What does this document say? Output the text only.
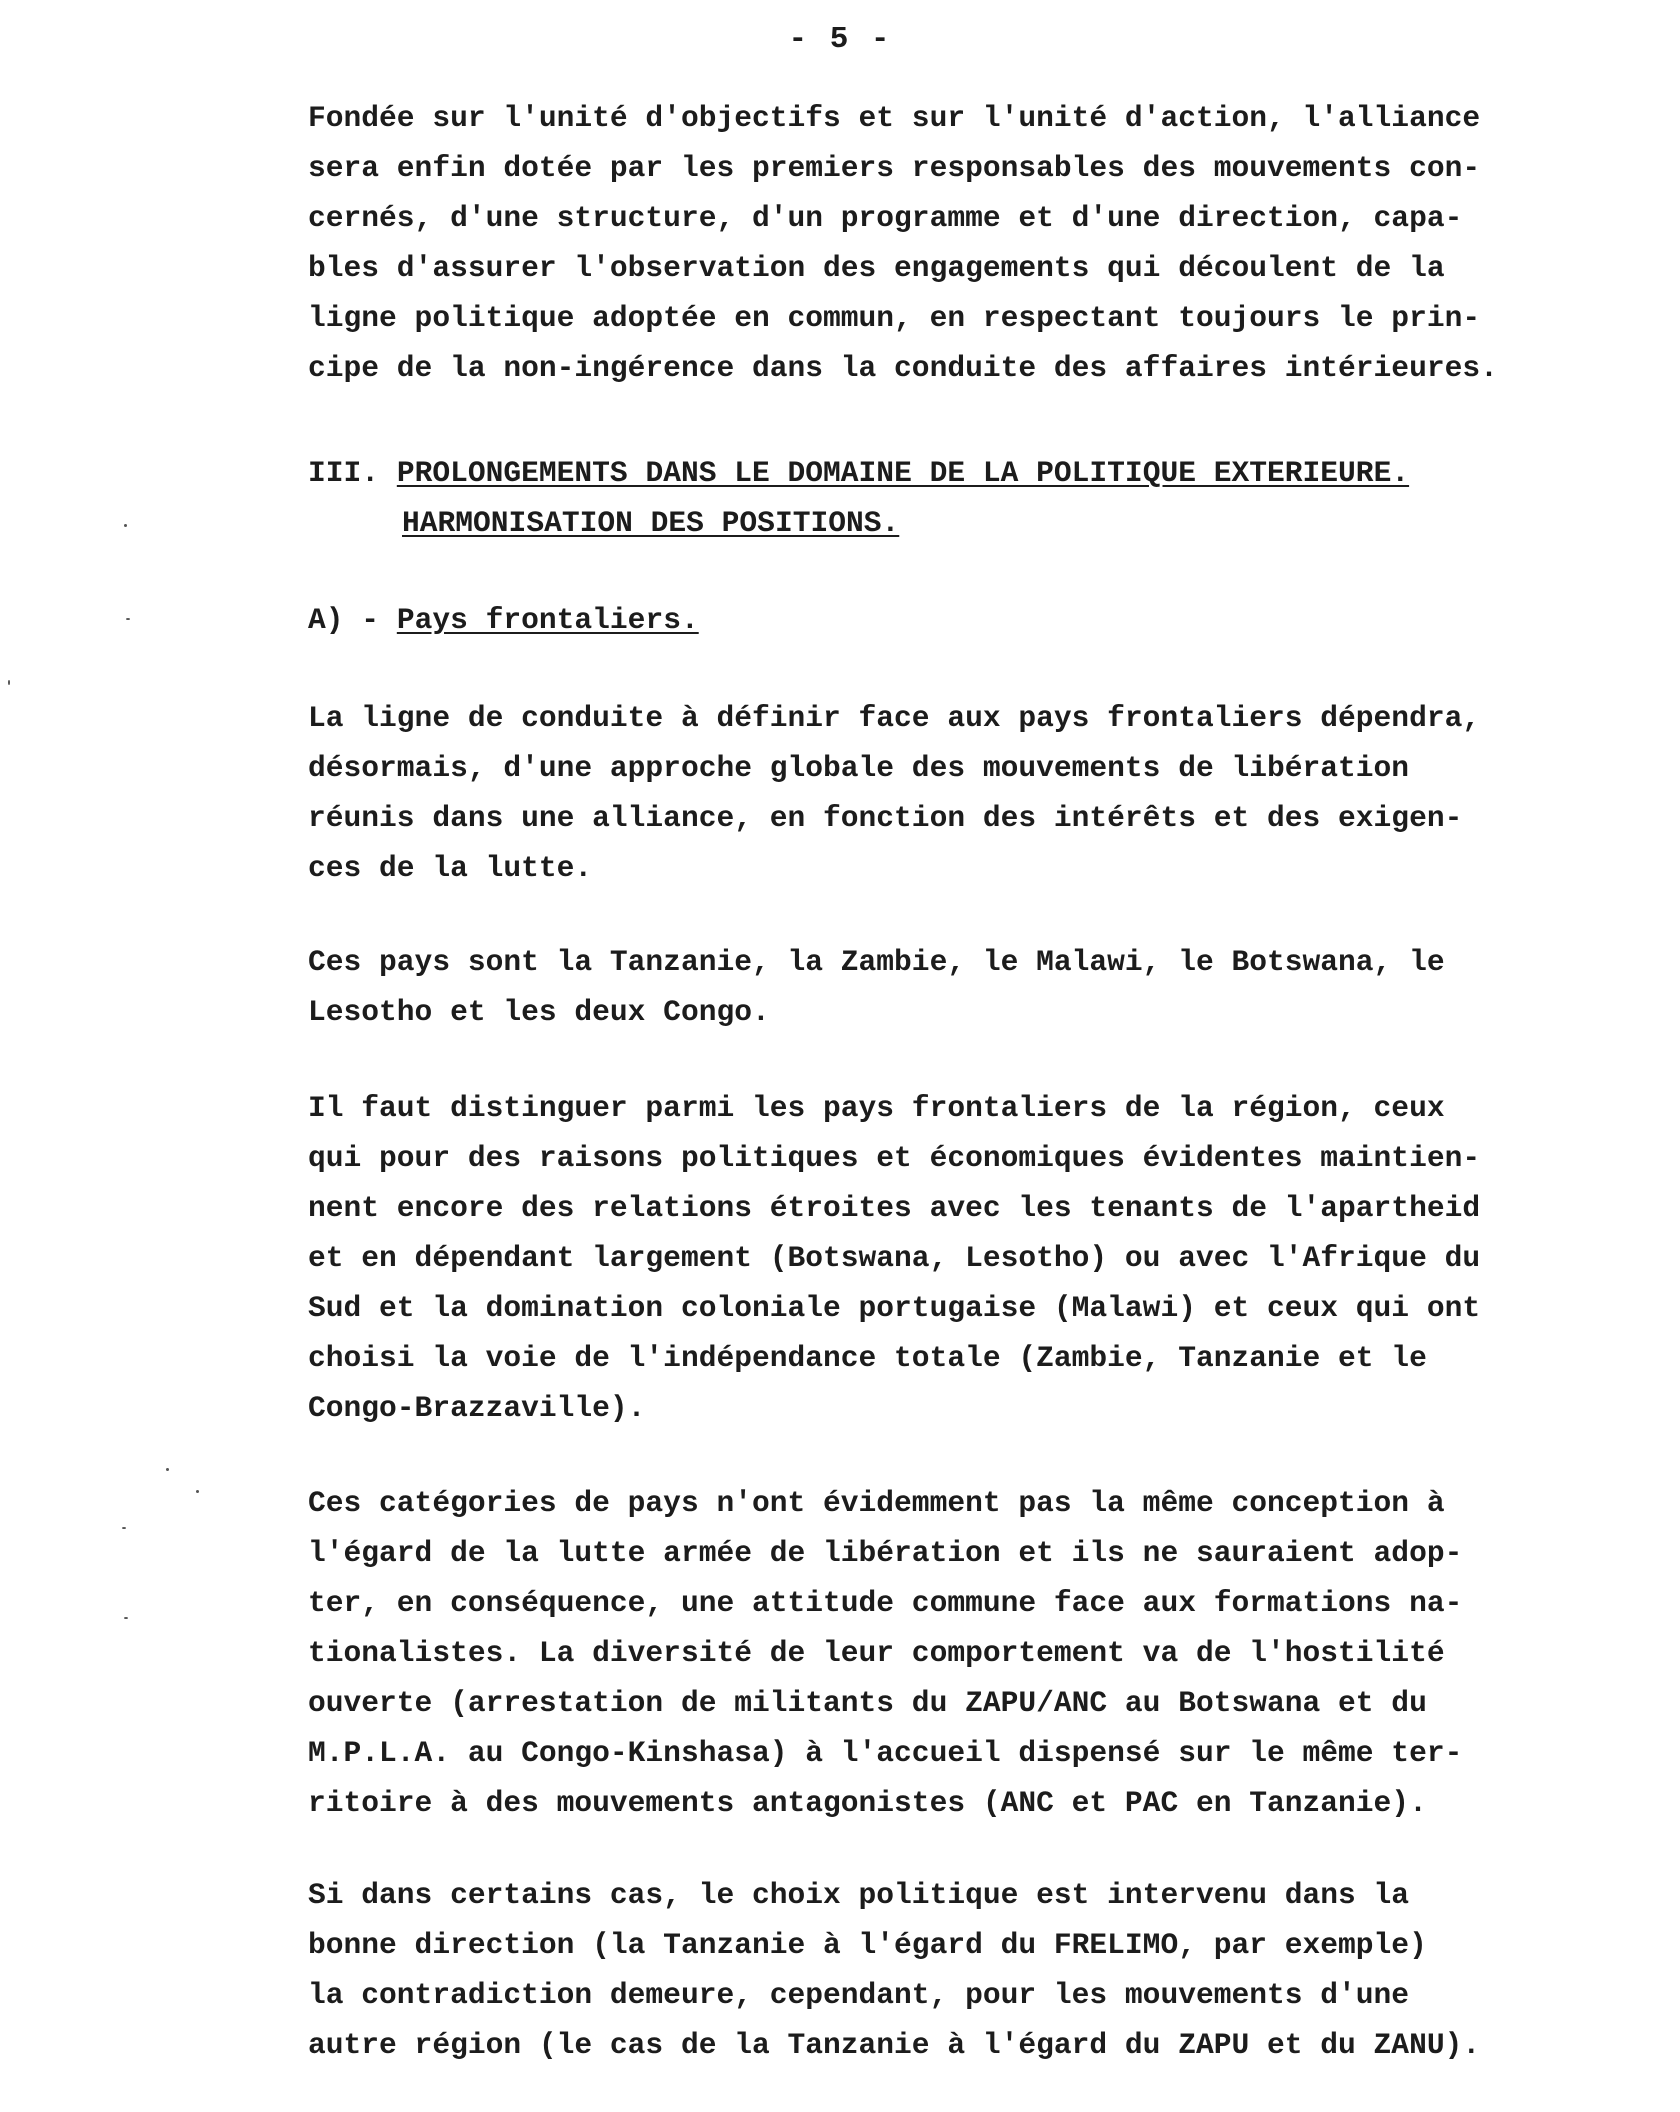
- 5 -
Fondée sur l'unité d'objectifs et sur l'unité d'action, l'alliance
sera enfin dotée par les premiers responsables des mouvements con-
cernés, d'une structure, d'un programme et d'une direction, capa-
bles d'assurer l'observation des engagements qui découlent de la
ligne politique adoptée en commun, en respectant toujours le prin-
cipe de la non-ingérence dans la conduite des affaires intérieures.
III. PROLONGEMENTS DANS LE DOMAINE DE LA POLITIQUE EXTERIEURE.
HARMONISATION DES POSITIONS.
A) - Pays frontaliers.
La ligne de conduite à définir face aux pays frontaliers dépendra,
désormais, d'une approche globale des mouvements de libération
réunis dans une alliance, en fonction des intérêts et des exigen-
ces de la lutte.
Ces pays sont la Tanzanie, la Zambie, le Malawi, le Botswana, le
Lesotho et les deux Congo.
Il faut distinguer parmi les pays frontaliers de la région, ceux
qui pour des raisons politiques et économiques évidentes maintien-
nent encore des relations étroites avec les tenants de l'apartheid
et en dépendant largement (Botswana, Lesotho) ou avec l'Afrique du
Sud et la domination coloniale portugaise (Malawi) et ceux qui ont
choisi la voie de l'indépendance totale (Zambie, Tanzanie et le
Congo-Brazzaville).
Ces catégories de pays n'ont évidemment pas la même conception à
l'égard de la lutte armée de libération et ils ne sauraient adop-
ter, en conséquence, une attitude commune face aux formations na-
tionalistes. La diversité de leur comportement va de l'hostilité
ouverte (arrestation de militants du ZAPU/ANC au Botswana et du
M.P.L.A. au Congo-Kinshasa) à l'accueil dispensé sur le même ter-
ritoire à des mouvements antagonistes (ANC et PAC en Tanzanie).
Si dans certains cas, le choix politique est intervenu dans la
bonne direction (la Tanzanie à l'égard du FRELIMO, par exemple)
la contradiction demeure, cependant, pour les mouvements d'une
autre région (le cas de la Tanzanie à l'égard du ZAPU et du ZANU).
